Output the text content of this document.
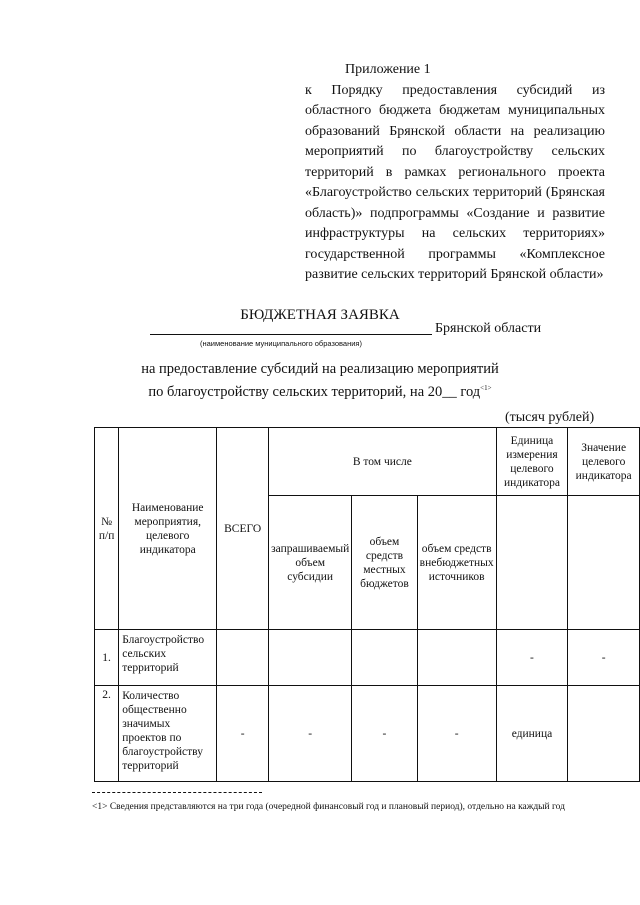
Приложение 1
к Порядку предоставления субсидий из областного бюджета бюджетам муниципальных образований Брянской области на реализацию мероприятий по благоустройству сельских территорий в рамках регионального проекта «Благоустройство сельских территорий (Брянская область)» подпрограммы «Создание и развитие инфраструктуры на сельских территориях» государственной программы «Комплексное развитие сельских территорий Брянской области»
БЮДЖЕТНАЯ ЗАЯВКА
Брянской области
(наименование муниципального образования)
на предоставление субсидий на реализацию мероприятий
по благоустройству сельских территорий, на 20__ год$^{<1>}$
(тысяч рублей)
№ п/п	Наименование мероприятия, целевого индикатора	ВСЕГО	В том числе			Единица измерения целевого индикатора	Значение целевого индикатора
			запрашиваемый объем субсидии	объем средств местных бюджетов	объем средств внебюджетных источников		
1.	Благоустройство сельских территорий					-	-
2.	Количество общественно значимых проектов по благоустройству территорий	-	-	-	-	единица	
<1> Сведения представляются на три года (очередной финансовый год и плановый период), отдельно на каждый год
